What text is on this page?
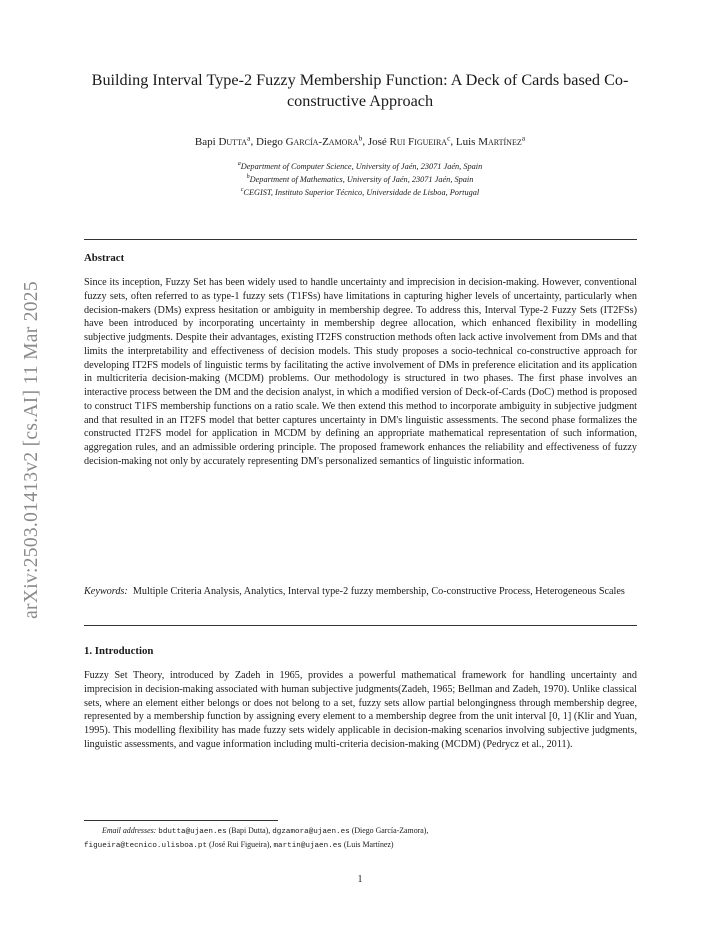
arXiv:2503.01413v2 [cs.AI] 11 Mar 2025
Building Interval Type-2 Fuzzy Membership Function: A Deck of Cards based Co-constructive Approach
Bapi Dutta$^a$, Diego García-Zamora$^b$, José Rui Figueira$^c$, Luis Martínez$^a$
$^a$Department of Computer Science, University of Jaén, 23071 Jaén, Spain
$^b$Department of Mathematics, University of Jaén, 23071 Jaén, Spain
$^c$CEGIST, Instituto Superior Técnico, Universidade de Lisboa, Portugal
Abstract
Since its inception, Fuzzy Set has been widely used to handle uncertainty and imprecision in decision-making. However, conventional fuzzy sets, often referred to as type-1 fuzzy sets (T1FSs) have limitations in capturing higher levels of uncertainty, particularly when decision-makers (DMs) express hesitation or ambiguity in membership degree. To address this, Interval Type-2 Fuzzy Sets (IT2FSs) have been introduced by incorporating uncertainty in membership degree allocation, which enhanced flexibility in modelling subjective judgments. Despite their advantages, existing IT2FS construction methods often lack active involvement from DMs and that limits the interpretability and effectiveness of decision models. This study proposes a socio-technical co-constructive approach for developing IT2FS models of linguistic terms by facilitating the active involvement of DMs in preference elicitation and its application in multicriteria decision-making (MCDM) problems. Our methodology is structured in two phases. The first phase involves an interactive process between the DM and the decision analyst, in which a modified version of Deck-of-Cards (DoC) method is proposed to construct T1FS membership functions on a ratio scale. We then extend this method to incorporate ambiguity in subjective judgment and that resulted in an IT2FS model that better captures uncertainty in DM's linguistic assessments. The second phase formalizes the constructed IT2FS model for application in MCDM by defining an appropriate mathematical representation of such information, aggregation rules, and an admissible ordering principle. The proposed framework enhances the reliability and effectiveness of fuzzy decision-making not only by accurately representing DM's personalized semantics of linguistic information.
Keywords: Multiple Criteria Analysis, Analytics, Interval type-2 fuzzy membership, Co-constructive Process, Heterogeneous Scales
1. Introduction
Fuzzy Set Theory, introduced by Zadeh in 1965, provides a powerful mathematical framework for handling uncertainty and imprecision in decision-making associated with human subjective judgments(Zadeh, 1965; Bellman and Zadeh, 1970). Unlike classical sets, where an element either belongs or does not belong to a set, fuzzy sets allow partial belongingness through membership degree, represented by a membership function by assigning every element to a membership degree from the unit interval [0, 1] (Klir and Yuan, 1995). This modelling flexibility has made fuzzy sets widely applicable in decision-making scenarios involving subjective judgments, linguistic assessments, and vague information including multi-criteria decision-making (MCDM) (Pedrycz et al., 2011).
Email addresses: bdutta@ujaen.es (Bapi Dutta), dgzamora@ujaen.es (Diego García-Zamora),
figueira@tecnico.ulisboa.pt (José Rui Figueira), martin@ujaen.es (Luis Martínez)
1
